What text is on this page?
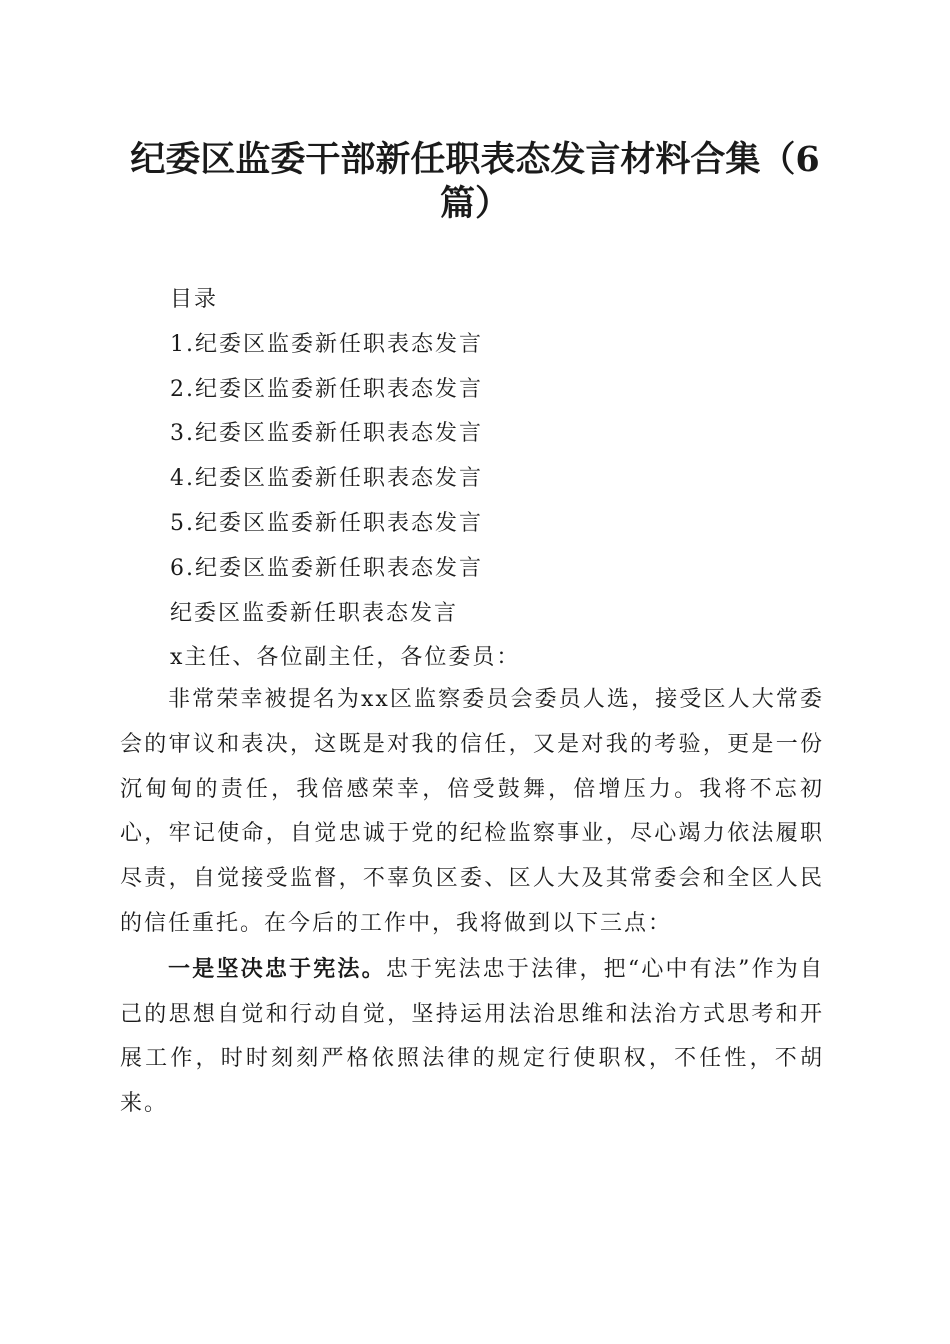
纪委区监委干部新任职表态发言材料合集（6篇）
目录
1.纪委区监委新任职表态发言
2.纪委区监委新任职表态发言
3.纪委区监委新任职表态发言
4.纪委区监委新任职表态发言
5.纪委区监委新任职表态发言
6.纪委区监委新任职表态发言
纪委区监委新任职表态发言
x主任、各位副主任，各位委员：

非常荣幸被提名为xx区监察委员会委员人选，接受区人大常委会的审议和表决，这既是对我的信任，又是对我的考验，更是一份沉甸甸的责任，我倍感荣幸，倍受鼓舞，倍增压力。我将不忘初心，牢记使命，自觉忠诚于党的纪检监察事业，尽心竭力依法履职尽责，自觉接受监督，不辜负区委、区人大及其常委会和全区人民的信任重托。在今后的工作中，我将做到以下三点：

一是坚决忠于宪法。忠于宪法忠于法律，把“心中有法”作为自己的思想自觉和行动自觉，坚持运用法治思维和法治方式思考和开展工作，时时刻刻严格依照法律的规定行使职权，不任性，不胡来。
